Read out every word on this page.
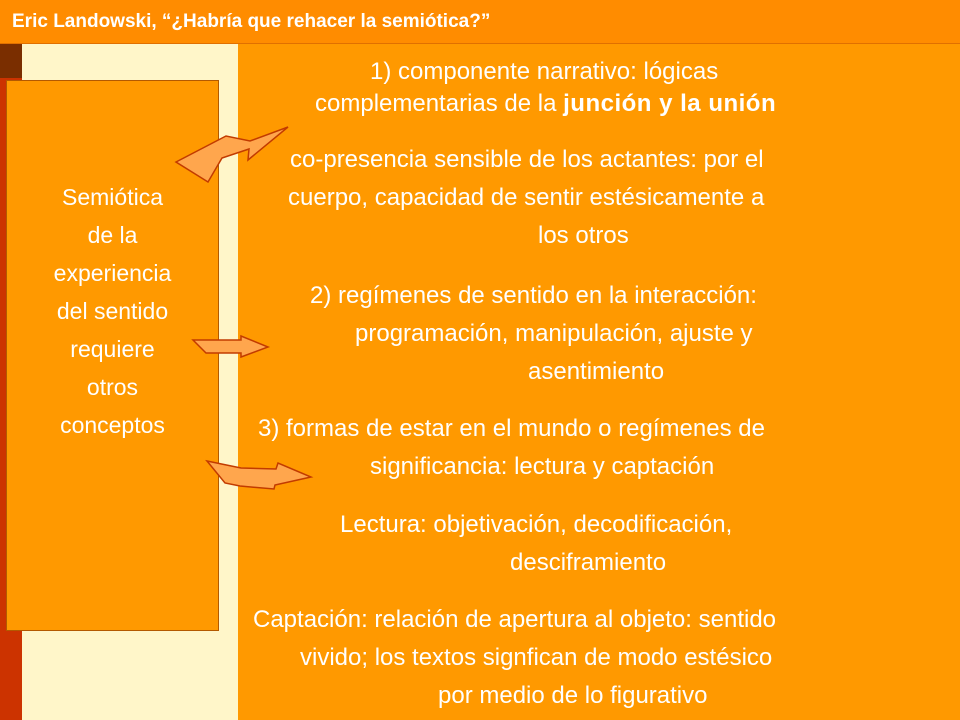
Eric Landowski, “¿Habría que rehacer la semiótica?”
Semiótica
de la
experiencia
del sentido
requiere
otros
conceptos
1) componente narrativo: lógicas
complementarias de la junción y la unión
co-presencia sensible de los actantes: por el
cuerpo, capacidad de sentir estésicamente a
los otros
2) regímenes de sentido en la interacción:
programación, manipulación, ajuste y
asentimiento
3) formas de estar en el mundo o regímenes de
significancia: lectura y captación
Lectura: objetivación, decodificación,
desciframiento
Captación: relación de apertura al objeto: sentido
vivido; los textos signfican de modo estésico
por medio de lo figurativo
